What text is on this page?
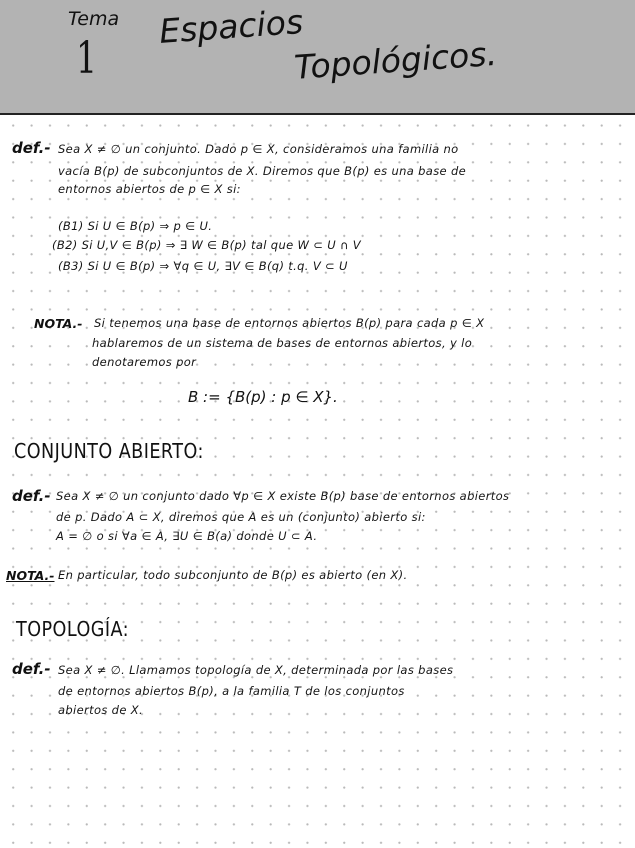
Tema
1
Espacios
Topológicos.
def.- Sea X ≠ ∅ un conjunto. Dado p ∈ X, consideramos una familia no
vacía B(p) de subconjuntos de X. Diremos que B(p) es una base de
entornos abiertos de p ∈ X si:
(B1) Si U ∈ B(p) ⇒ p ∈ U.
(B2) Si U,V ∈ B(p) ⇒ ∃ W ∈ B(p) tal que W ⊂ U ∩ V
(B3) Si U ∈ B(p) ⇒ ∀q ∈ U, ∃V ∈ B(q) t.q. V ⊂ U
NOTA.- Si tenemos una base de entornos abiertos B(p) para cada p ∈ X
hablaremos de un sistema de bases de entornos abiertos, y lo
denotaremos por
B := {B(p) : p ∈ X}.
CONJUNTO ABIERTO:
def.- Sea X ≠ ∅ un conjunto dado ∀p ∈ X existe B(p) base de entornos abiertos
de p. Dado A ⊂ X, diremos que A es un (conjunto) abierto si:
A = ∅ o si ∀a ∈ A, ∃U ∈ B(a) donde U ⊂ A.
NOTA.- En particular, todo subconjunto de B(p) es abierto (en X).
TOPOLOGÍA:
def.- Sea X ≠ ∅. Llamamos topología de X, determinada por las bases
de entornos abiertos B(p), a la familia T de los conjuntos
abiertos de X.
